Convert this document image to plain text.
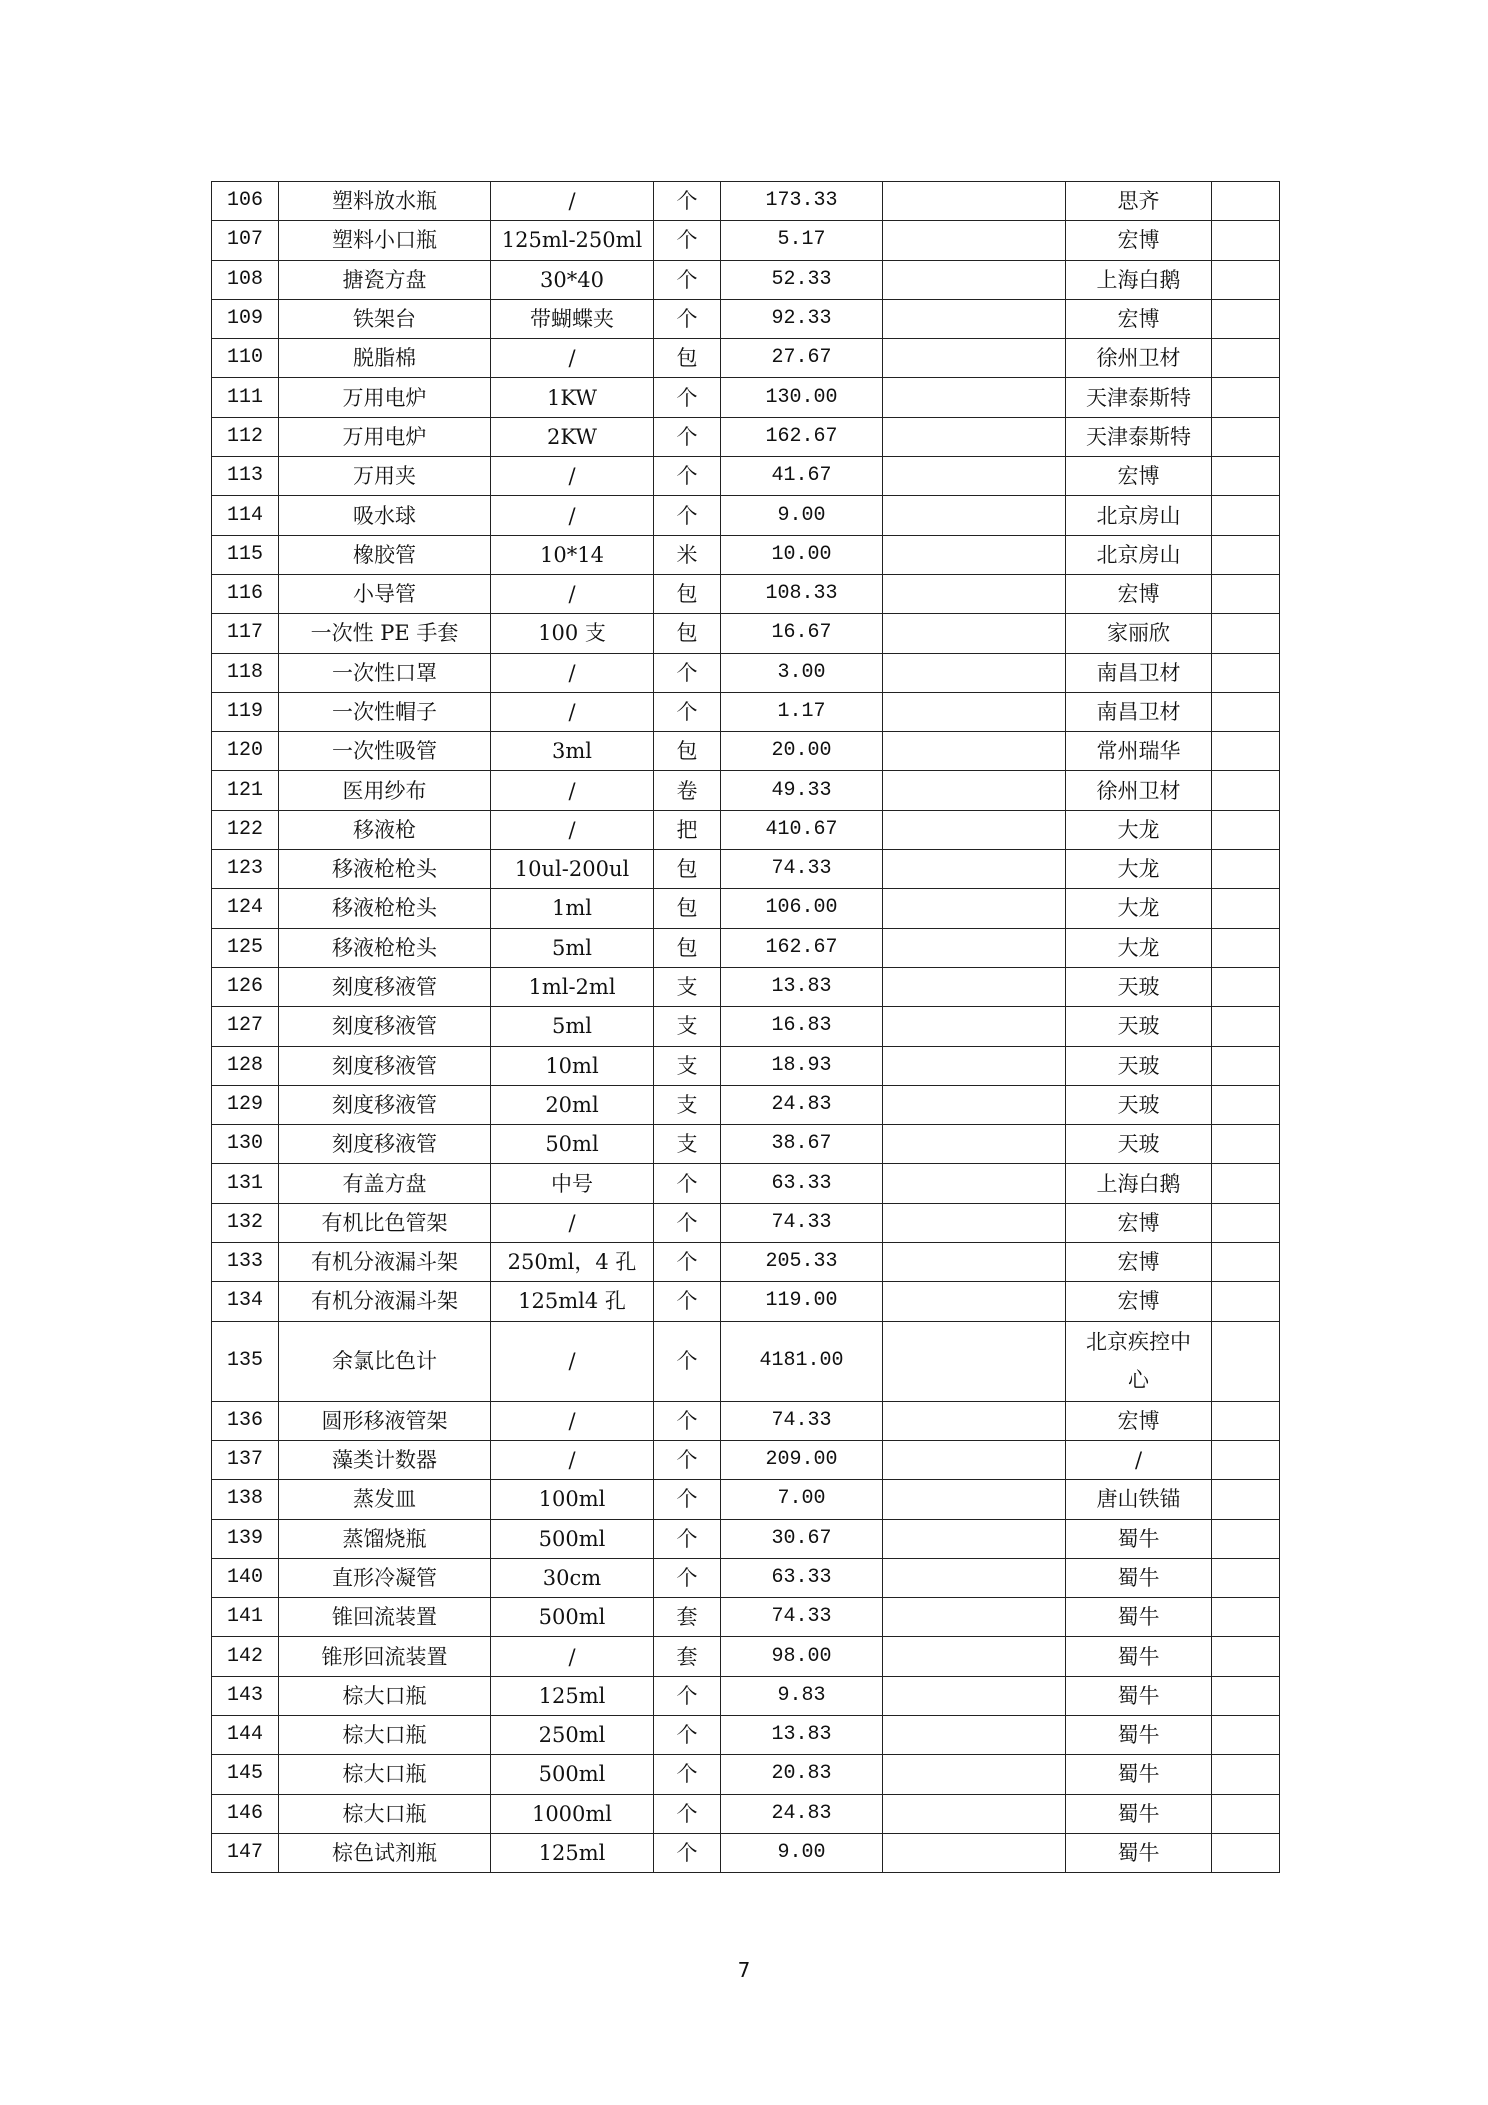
106	塑料放水瓶	/	个	173.33		思齐	
107	塑料小口瓶	125ml-250ml	个	5.17		宏博	
108	搪瓷方盘	30*40	个	52.33		上海白鹅	
109	铁架台	带蝴蝶夹	个	92.33		宏博	
110	脱脂棉	/	包	27.67		徐州卫材	
111	万用电炉	1KW	个	130.00		天津泰斯特	
112	万用电炉	2KW	个	162.67		天津泰斯特	
113	万用夹	/	个	41.67		宏博	
114	吸水球	/	个	9.00		北京房山	
115	橡胶管	10*14	米	10.00		北京房山	
116	小导管	/	包	108.33		宏博	
117	一次性 PE 手套	100 支	包	16.67		家丽欣	
118	一次性口罩	/	个	3.00		南昌卫材	
119	一次性帽子	/	个	1.17		南昌卫材	
120	一次性吸管	3ml	包	20.00		常州瑞华	
121	医用纱布	/	卷	49.33		徐州卫材	
122	移液枪	/	把	410.67		大龙	
123	移液枪枪头	10ul-200ul	包	74.33		大龙	
124	移液枪枪头	1ml	包	106.00		大龙	
125	移液枪枪头	5ml	包	162.67		大龙	
126	刻度移液管	1ml-2ml	支	13.83		天玻	
127	刻度移液管	5ml	支	16.83		天玻	
128	刻度移液管	10ml	支	18.93		天玻	
129	刻度移液管	20ml	支	24.83		天玻	
130	刻度移液管	50ml	支	38.67		天玻	
131	有盖方盘	中号	个	63.33		上海白鹅	
132	有机比色管架	/	个	74.33		宏博	
133	有机分液漏斗架	250ml，4 孔	个	205.33		宏博	
134	有机分液漏斗架	125ml4 孔	个	119.00		宏博	
135	余氯比色计	/	个	4181.00		北京疾控中心	
136	圆形移液管架	/	个	74.33		宏博	
137	藻类计数器	/	个	209.00		/	
138	蒸发皿	100ml	个	7.00		唐山铁锚	
139	蒸馏烧瓶	500ml	个	30.67		蜀牛	
140	直形冷凝管	30cm	个	63.33		蜀牛	
141	锥回流装置	500ml	套	74.33		蜀牛	
142	锥形回流装置	/	套	98.00		蜀牛	
143	棕大口瓶	125ml	个	9.83		蜀牛	
144	棕大口瓶	250ml	个	13.83		蜀牛	
145	棕大口瓶	500ml	个	20.83		蜀牛	
146	棕大口瓶	1000ml	个	24.83		蜀牛	
147	棕色试剂瓶	125ml	个	9.00		蜀牛	
7
